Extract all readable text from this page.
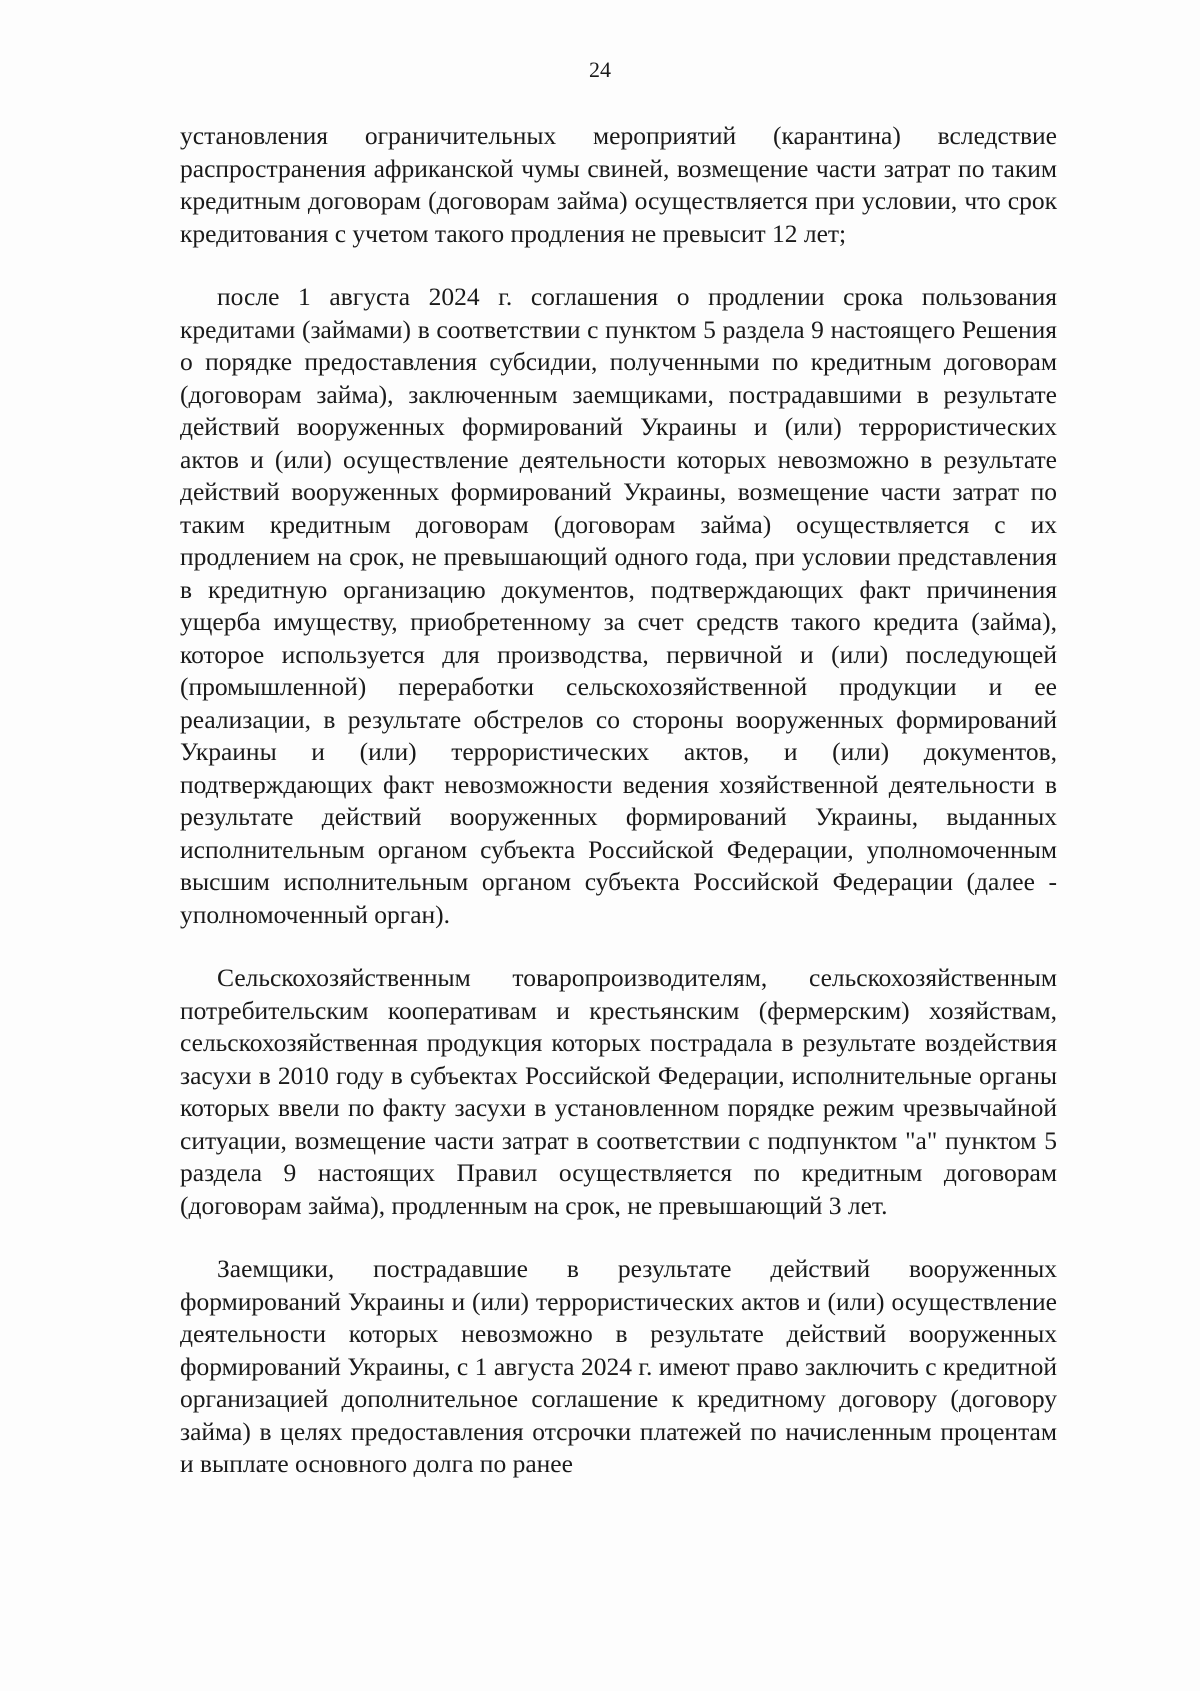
24

установления ограничительных мероприятий (карантина) вследствие распространения африканской чумы свиней, возмещение части затрат по таким кредитным договорам (договорам займа) осуществляется при условии, что срок кредитования с учетом такого продления не превысит 12 лет;

после 1 августа 2024 г. соглашения о продлении срока пользования кредитами (займами) в соответствии с пунктом 5 раздела 9 настоящего Решения о порядке предоставления субсидии, полученными по кредитным договорам (договорам займа), заключенным заемщиками, пострадавшими в результате действий вооруженных формирований Украины и (или) террористических актов и (или) осуществление деятельности которых невозможно в результате действий вооруженных формирований Украины, возмещение части затрат по таким кредитным договорам (договорам займа) осуществляется с их продлением на срок, не превышающий одного года, при условии представления в кредитную организацию документов, подтверждающих факт причинения ущерба имуществу, приобретенному за счет средств такого кредита (займа), которое используется для производства, первичной и (или) последующей (промышленной) переработки сельскохозяйственной продукции и ее реализации, в результате обстрелов со стороны вооруженных формирований Украины и (или) террористических актов, и (или) документов, подтверждающих факт невозможности ведения хозяйственной деятельности в результате действий вооруженных формирований Украины, выданных исполнительным органом субъекта Российской Федерации, уполномоченным высшим исполнительным органом субъекта Российской Федерации (далее - уполномоченный орган).

Сельскохозяйственным товаропроизводителям, сельскохозяйственным потребительским кооперативам и крестьянским (фермерским) хозяйствам, сельскохозяйственная продукция которых пострадала в результате воздействия засухи в 2010 году в субъектах Российской Федерации, исполнительные органы которых ввели по факту засухи в установленном порядке режим чрезвычайной ситуации, возмещение части затрат в соответствии с подпунктом "а" пунктом 5 раздела 9 настоящих Правил осуществляется по кредитным договорам (договорам займа), продленным на срок, не превышающий 3 лет.

Заемщики, пострадавшие в результате действий вооруженных формирований Украины и (или) террористических актов и (или) осуществление деятельности которых невозможно в результате действий вооруженных формирований Украины, с 1 августа 2024 г. имеют право заключить с кредитной организацией дополнительное соглашение к кредитному договору (договору займа) в целях предоставления отсрочки платежей по начисленным процентам и выплате основного долга по ранее
